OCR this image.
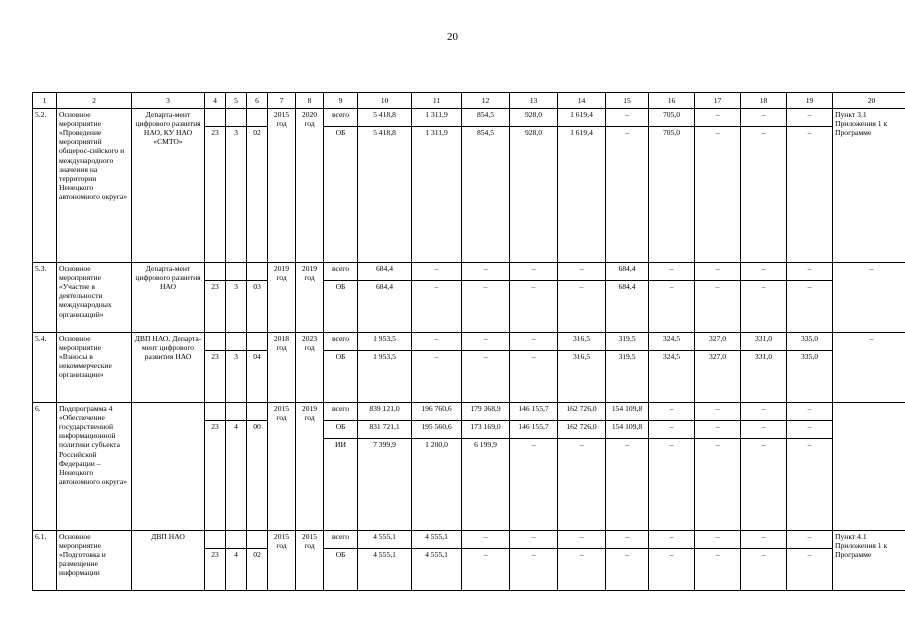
20
1	2	3	4	5	6	7	8	9	10	11	12	13	14	15	16	17	18	19	20
5.2.	Основное мероприятие «Проведение мероприятий общерос-сийского и международного значения на территории Ненецкого автономного округа»	Департа-мент цифрового развития НАО, КУ НАО «СМТО»				2015 год	2020 год	всего	5 418,8	1 311,9	854,5	928,0	1 619,4	–	705,0	–	–	–	Пункт 3.1 Приложения 1 к Программе
			23	3	02			ОБ	5 418,8	1 311,9	854,5	928,0	1 619,4	–	705,0	–	–	–	
5.3.	Основное мероприятие «Участие в деятельности международных организаций»	Департа-мент цифрового развития НАО				2019 год	2019 год	всего	684,4	–	–	–	–	684,4	–	–	–	–	–
			23	3	03			ОБ	684,4	–	–	–	–	684,4	–	–	–	–	
5.4.	Основное мероприятие «Взносы в некоммерческие организации»	ДВП НАО, Департа-мент цифрового развития НАО				2018 год	2023 год	всего	1 953,5	–	–	–	316,5	319,5	324,5	327,0	331,0	335,0	–
			23	3	04			ОБ	1 953,5	–	–	–	316,5	319,5	324,5	327,0	331,0	335,0	
6.	Подпрограмма 4 «Обеспечение государственной информационной политики субъекта Российской Федерации – Ненецкого автономного округа»					2015 год	2019 год	всего	839 121,0	196 760,6	179 368,9	146 155,7	162 726,0	154 109,8	–	–	–	–	
			23	4	00			ОБ	831 721,1	195 560,6	173 169,0	146 155,7	162 726,0	154 109,8	–	–	–	–	
								ИИ	7 399,9	1 200,0	6 199,9	–	–	–	–	–	–	–	
6.1.	Основное мероприятие «Подготовка и размещение информации	ДВП НАО				2015 год	2015 год	всего	4 555,1	4 555,1	–	–	–	–	–	–	–	–	Пункт 4.1 Приложения 1 к Программе
			23	4	02			ОБ	4 555,1	4 555,1	–	–	–	–	–	–	–	–	
